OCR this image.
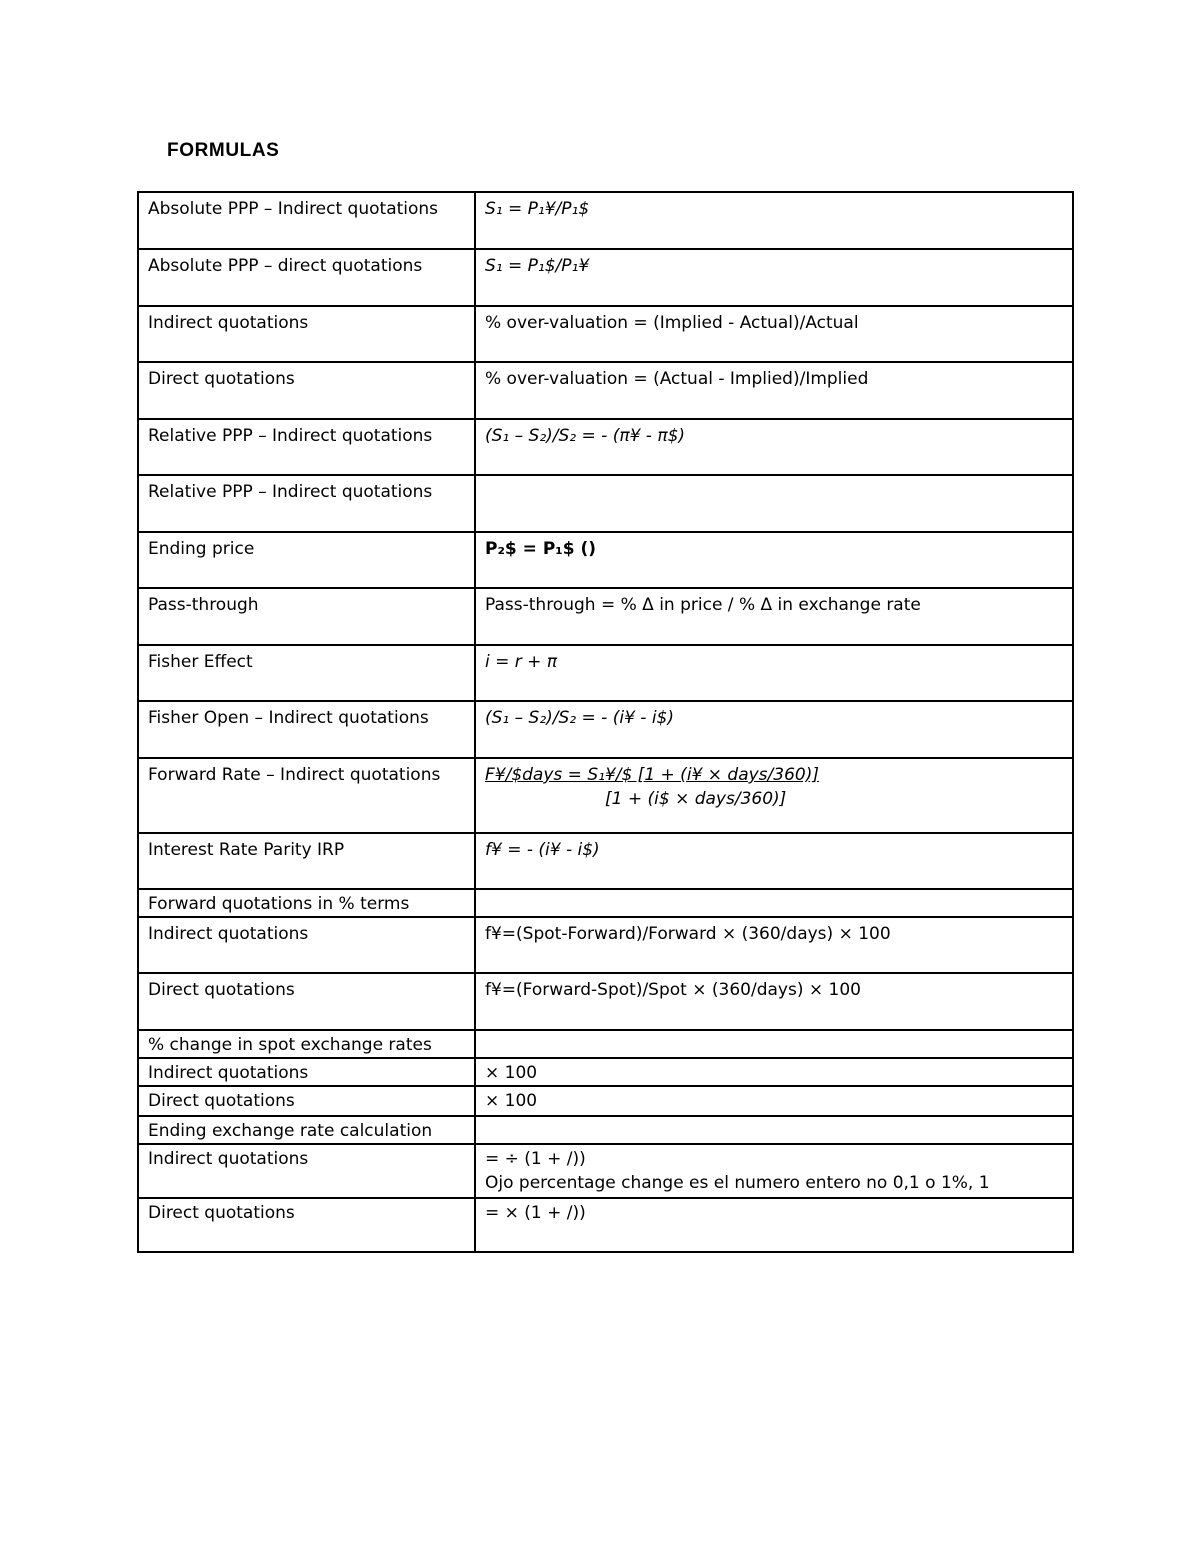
FORMULAS
Absolute PPP – Indirect quotations	S₁ = P₁¥/P₁$
Absolute PPP – direct quotations	S₁ = P₁$/P₁¥
Indirect quotations	% over-valuation = (Implied - Actual)/Actual
Direct quotations	% over-valuation = (Actual - Implied)/Implied
Relative PPP – Indirect quotations	(S₁ – S₂)/S₂ = - (π¥ - π$)
Relative PPP – Indirect quotations	
Ending price	P₂$ = P₁$ ()
Pass-through	Pass-through = % Δ in price / % Δ in exchange rate
Fisher Effect	i = r + π
Fisher Open – Indirect quotations	(S₁ – S₂)/S₂ = - (i¥ - i$)
Forward Rate – Indirect quotations	F¥/$days = S₁¥/$ [1 + (i¥ × days/360)]
[1 + (i$ × days/360)]

Interest Rate Parity IRP	f¥ = - (i¥ - i$)
Forward quotations in % terms	
Indirect quotations	f¥=(Spot-Forward)/Forward × (360/days) × 100
Direct quotations	f¥=(Forward-Spot)/Spot × (360/days) × 100
% change in spot exchange rates	
Indirect quotations	× 100
Direct quotations	× 100
Ending exchange rate calculation	
Indirect quotations	= ÷ (1 + /))
Ojo percentage change es el numero entero no 0,1 o 1%, 1

Direct quotations	= × (1 + /))
